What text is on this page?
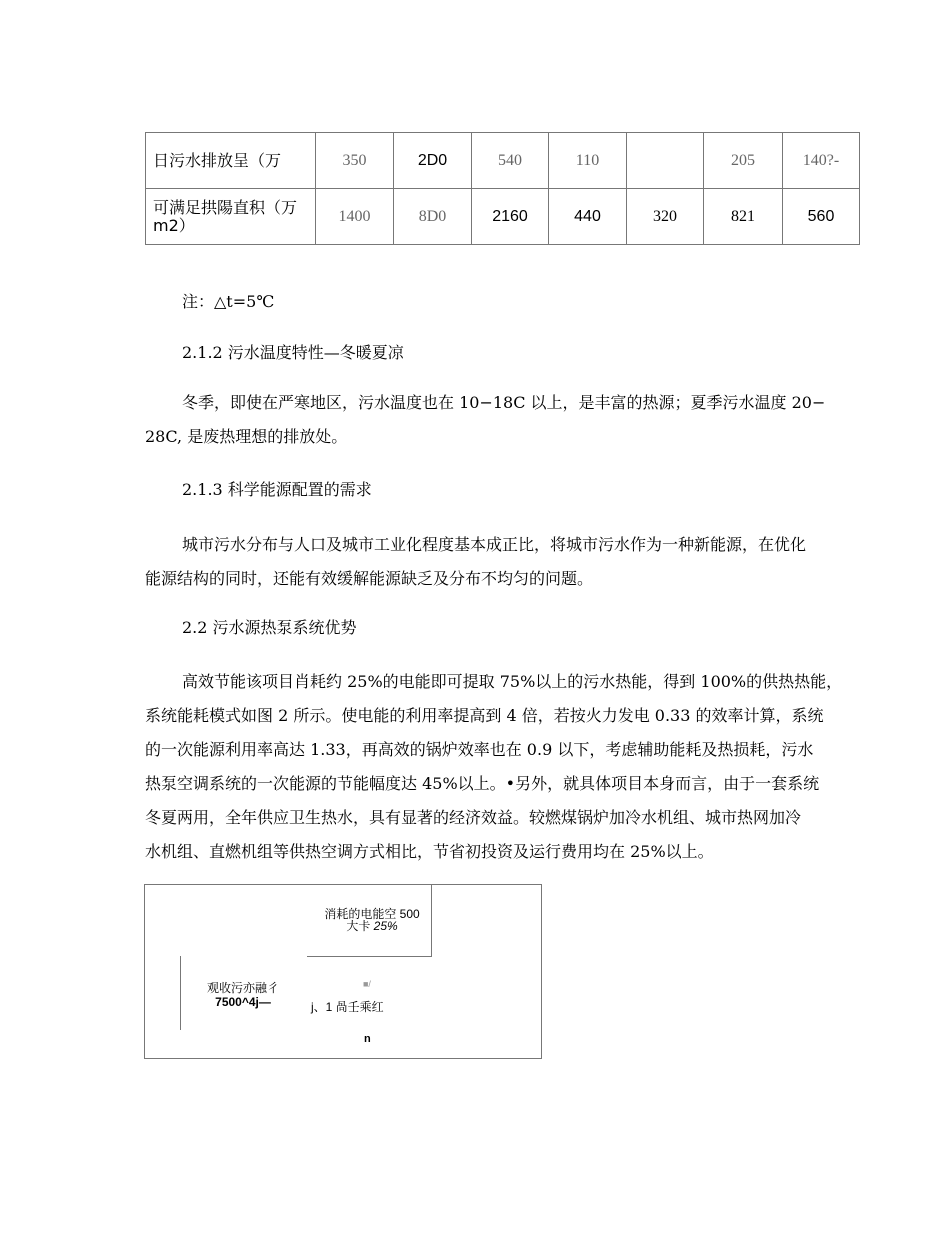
日污水排放呈（万	350	2D0	540	110		205	140?-
可满足拱陽直积（万m2）	1400	8D0	2160	440	320	821	560

注：△t=5℃

2.1.2 污水温度特性—冬暖夏凉

冬季，即使在严寒地区，污水温度也在 10−18C 以上，是丰富的热源；夏季污水温度 20−
28C, 是废热理想的排放处。

2.1.3 科学能源配置的需求

城市污水分布与人口及城市工业化程度基本成正比，将城市污水作为一种新能源，在优化
能源结构的同时，还能有效缓解能源缺乏及分布不均匀的问题。

2.2 污水源热泵系统优势

高效节能该项目肖耗约 25%的电能即可提取 75%以上的污水热能，得到 100%的供热热能，
系统能耗模式如图 2 所示。使电能的利用率提高到 4 倍，若按火力发电 0.33 的效率计算，系统
的一次能源利用率高达 1.33，再高效的锅炉效率也在 0.9 以下，考虑辅助能耗及热损耗，污水
热泵空调系统的一次能源的节能幅度达 45%以上。•另外，就具体项目本身而言，由于一套系统
冬夏两用，全年供应卫生热水，具有显著的经济效益。较燃煤锅炉加冷水机组、城市热网加冷
水机组、直燃机组等供热空调方式相比，节省初投资及运行费用均在 25%以上。
消耗的电能空 500
大卡 25%
观收污亦融彳
7500^4j—
■/
j、1 咼壬乘红
n
